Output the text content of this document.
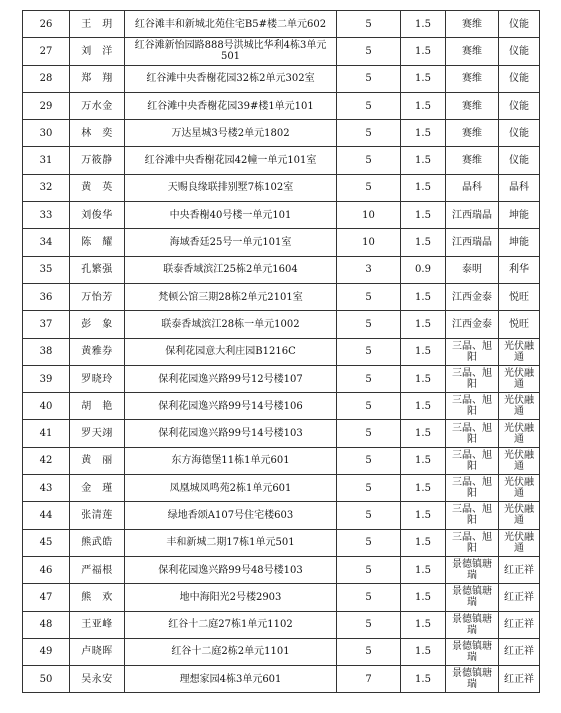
26	王　玥	红谷滩丰和新城北苑住宅B5#楼二单元602	5	1.5	赛维	仪能
27	刘　洋	红谷滩新怡园路888号洪城比华利4栋3单元501	5	1.5	赛维	仪能
28	郑　翔	红谷滩中央香榭花园32栋2单元302室	5	1.5	赛维	仪能
29	万水金	红谷滩中央香榭花园39#楼1单元101	5	1.5	赛维	仪能
30	林　奕	万达星城3号楼2单元1802	5	1.5	赛维	仪能
31	万筱静	红谷滩中央香榭花园42幢一单元101室	5	1.5	赛维	仪能
32	黄　英	天赐良缘联排别墅7栋102室	5	1.5	晶科	晶科
33	刘俊华	中央香榭40号楼一单元101	10	1.5	江西瑞晶	坤能
34	陈　耀	海域香廷25号一单元101室	10	1.5	江西瑞晶	坤能
35	孔繁强	联泰香域滨江25栋2单元1604	3	0.9	泰明	利华
36	万怡芳	梵顿公馆三期28栋2单元2101室	5	1.5	江西金泰	悦旺
37	彭　象	联泰香域滨江28栋一单元1002	5	1.5	江西金泰	悦旺
38	黄雅券	保利花园意大利庄园B1216C	5	1.5	三晶、旭阳	光伏融通
39	罗晓玲	保利花园逸兴路99号12号楼107	5	1.5	三晶、旭阳	光伏融通
40	胡　艳	保利花园逸兴路99号14号楼106	5	1.5	三晶、旭阳	光伏融通
41	罗天翊	保利花园逸兴路99号14号楼103	5	1.5	三晶、旭阳	光伏融通
42	黄　丽	东方海德堡11栋1单元601	5	1.5	三晶、旭阳	光伏融通
43	金　瑾	凤凰城凤鸣苑2栋1单元601	5	1.5	三晶、旭阳	光伏融通
44	张清莲	绿地香颂A107号住宅楼603	5	1.5	三晶、旭阳	光伏融通
45	熊武皓	丰和新城二期17栋1单元501	5	1.5	三晶、旭阳	光伏融通
46	严福根	保利花园逸兴路99号48号楼103	5	1.5	景德镇瑭瑞	红正祥
47	熊　欢	地中海阳光2号楼2903	5	1.5	景德镇瑭瑞	红正祥
48	王亚峰	红谷十二庭27栋1单元1102	5	1.5	景德镇瑭瑞	红正祥
49	卢晓晖	红谷十二庭2栋2单元1101	5	1.5	景德镇瑭瑞	红正祥
50	吴永安	理想家园4栋3单元601	7	1.5	景德镇瑭瑞	红正祥
